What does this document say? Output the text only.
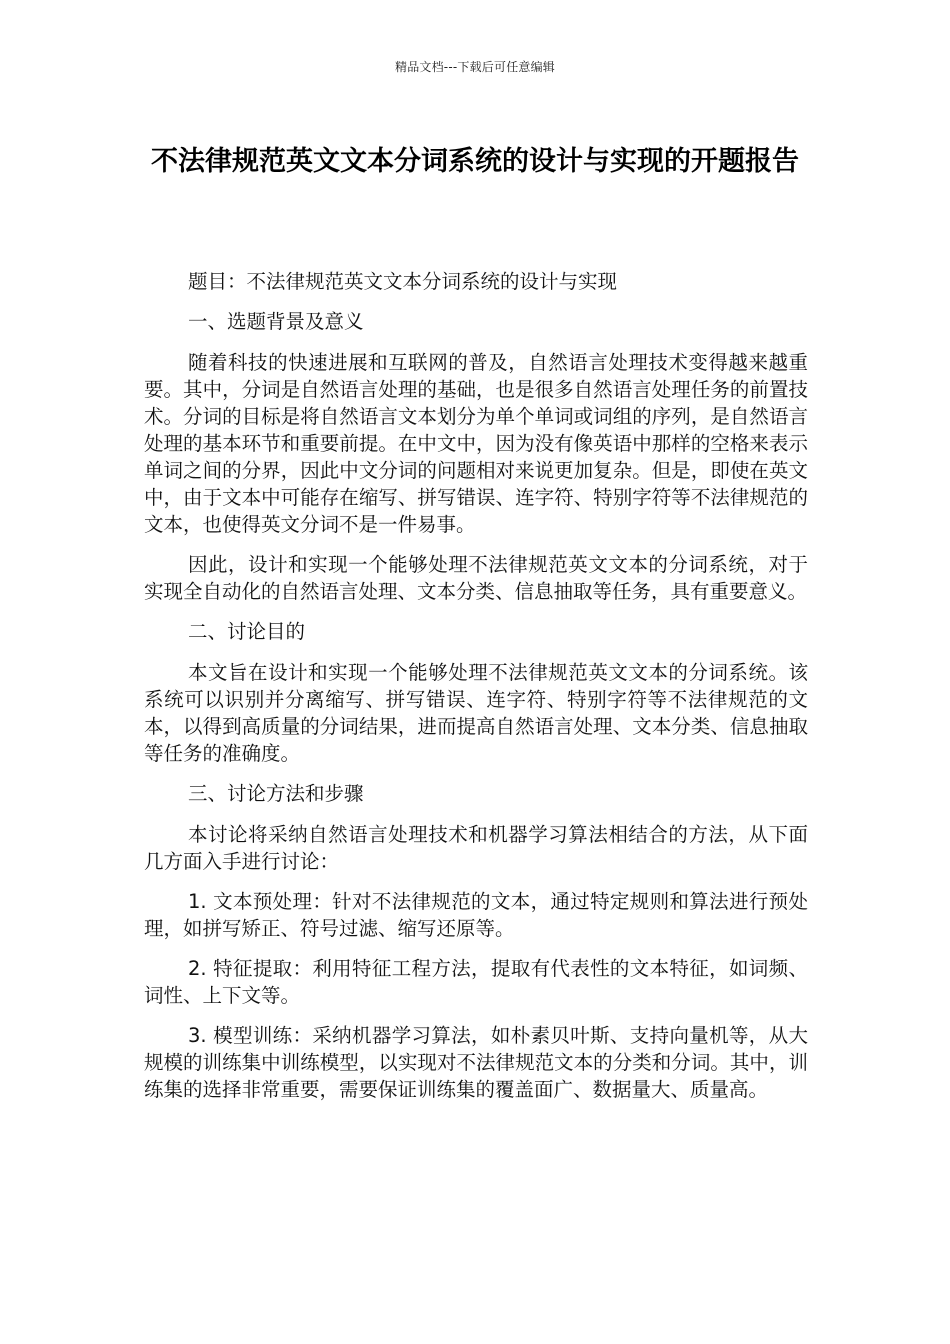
精品文档---下载后可任意编辑
不法律规范英文文本分词系统的设计与实现的开题报告

题目：不法律规范英文文本分词系统的设计与实现

一、选题背景及意义

随着科技的快速进展和互联网的普及，自然语言处理技术变得越来越重要。其中，分词是自然语言处理的基础，也是很多自然语言处理任务的前置技术。分词的目标是将自然语言文本划分为单个单词或词组的序列，是自然语言处理的基本环节和重要前提。在中文中，因为没有像英语中那样的空格来表示单词之间的分界，因此中文分词的问题相对来说更加复杂。但是，即使在英文中，由于文本中可能存在缩写、拼写错误、连字符、特别字符等不法律规范的文本，也使得英文分词不是一件易事。

因此，设计和实现一个能够处理不法律规范英文文本的分词系统，对于实现全自动化的自然语言处理、文本分类、信息抽取等任务，具有重要意义。

二、讨论目的

本文旨在设计和实现一个能够处理不法律规范英文文本的分词系统。该系统可以识别并分离缩写、拼写错误、连字符、特别字符等不法律规范的文本，以得到高质量的分词结果，进而提高自然语言处理、文本分类、信息抽取等任务的准确度。

三、讨论方法和步骤

本讨论将采纳自然语言处理技术和机器学习算法相结合的方法，从下面几方面入手进行讨论：

1. 文本预处理：针对不法律规范的文本，通过特定规则和算法进行预处理，如拼写矫正、符号过滤、缩写还原等。

2. 特征提取：利用特征工程方法，提取有代表性的文本特征，如词频、词性、上下文等。

3. 模型训练：采纳机器学习算法，如朴素贝叶斯、支持向量机等，从大规模的训练集中训练模型，以实现对不法律规范文本的分类和分词。其中，训练集的选择非常重要，需要保证训练集的覆盖面广、数据量大、质量高。
